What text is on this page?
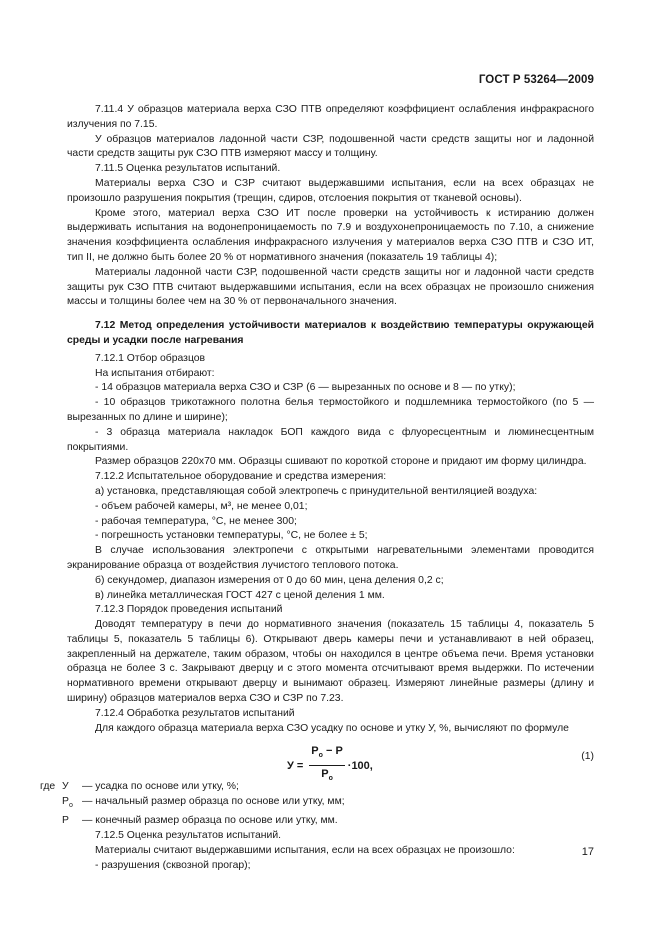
ГОСТ Р 53264—2009

7.11.4 У образцов материала верха СЗО ПТВ определяют коэффициент ослабления инфракрасного излучения по 7.15.

У образцов материалов ладонной части СЗР, подошвенной части средств защиты ног и ладонной части средств защиты рук СЗО ПТВ измеряют массу и толщину.

7.11.5 Оценка результатов испытаний.

Материалы верха СЗО и СЗР считают выдержавшими испытания, если на всех образцах не произошло разрушения покрытия (трещин, сдиров, отслоения покрытия от тканевой основы).

Кроме этого, материал верха СЗО ИТ после проверки на устойчивость к истиранию должен выдерживать испытания на водонепроницаемость по 7.9 и воздухонепроницаемость по 7.10, а снижение значения коэффициента ослабления инфракрасного излучения у материалов верха СЗО ПТВ и СЗО ИТ, тип II, не должно быть более 20 % от нормативного значения (показатель 19 таблицы 4);

Материалы ладонной части СЗР, подошвенной части средств защиты ног и ладонной части средств защиты рук СЗО ПТВ считают выдержавшими испытания, если на всех образцах не произошло снижения массы и толщины более чем на 30 % от первоначального значения.

7.12 Метод определения устойчивости материалов к воздействию температуры окружающей среды и усадки после нагревания

7.12.1 Отбор образцов

На испытания отбирают:

- 14 образцов материала верха СЗО и СЗР (6 — вырезанных по основе и 8 — по утку);

- 10 образцов трикотажного полотна белья термостойкого и подшлемника термостойкого (по 5 — вырезанных по длине и ширине);

- 3 образца материала накладок БОП каждого вида с флуоресцентным и люминесцентным покрытиями.

Размер образцов 220х70 мм. Образцы сшивают по короткой стороне и придают им форму цилиндра.

7.12.2 Испытательное оборудование и средства измерения:

а) установка, представляющая собой электропечь с принудительной вентиляцией воздуха:

- объем рабочей камеры, м³, не менее 0,01;

- рабочая температура, °С, не менее 300;

- погрешность установки температуры, °С, не более ± 5;

В случае использования электропечи с открытыми нагревательными элементами проводится экранирование образца от воздействия лучистого теплового потока.

б) секундомер, диапазон измерения от 0 до 60 мин, цена деления 0,2 с;

в) линейка металлическая ГОСТ 427 с ценой деления 1 мм.

7.12.3 Порядок проведения испытаний

Доводят температуру в печи до нормативного значения (показатель 15 таблицы 4, показатель 5 таблицы 5, показатель 5 таблицы 6). Открывают дверь камеры печи и устанавливают в ней образец, закрепленный на держателе, таким образом, чтобы он находился в центре объема печи. Время установки образца не более 3 с. Закрывают дверцу и с этого момента отсчитывают время выдержки. По истечении нормативного времени открывают дверцу и вынимают образец. Измеряют линейные размеры (длину и ширину) образцов материалов верха СЗО и СЗР по 7.23.

7.12.4 Обработка результатов испытаний

Для каждого образца материала верха СЗО усадку по основе и утку У, %, вычисляют по формуле

$У = \frac{P_o - P}{P_o} \cdot 100$,
(1)
где У	— усадка по основе или утку, %;
$P_o$ — начальный размер образца по основе или утку, мм;
P	— конечный размер образца по основе или утку, мм.

7.12.5 Оценка результатов испытаний.

Материалы считают выдержавшими испытания, если на всех образцах не произошло:

- разрушения (сквозной прогар);

17
